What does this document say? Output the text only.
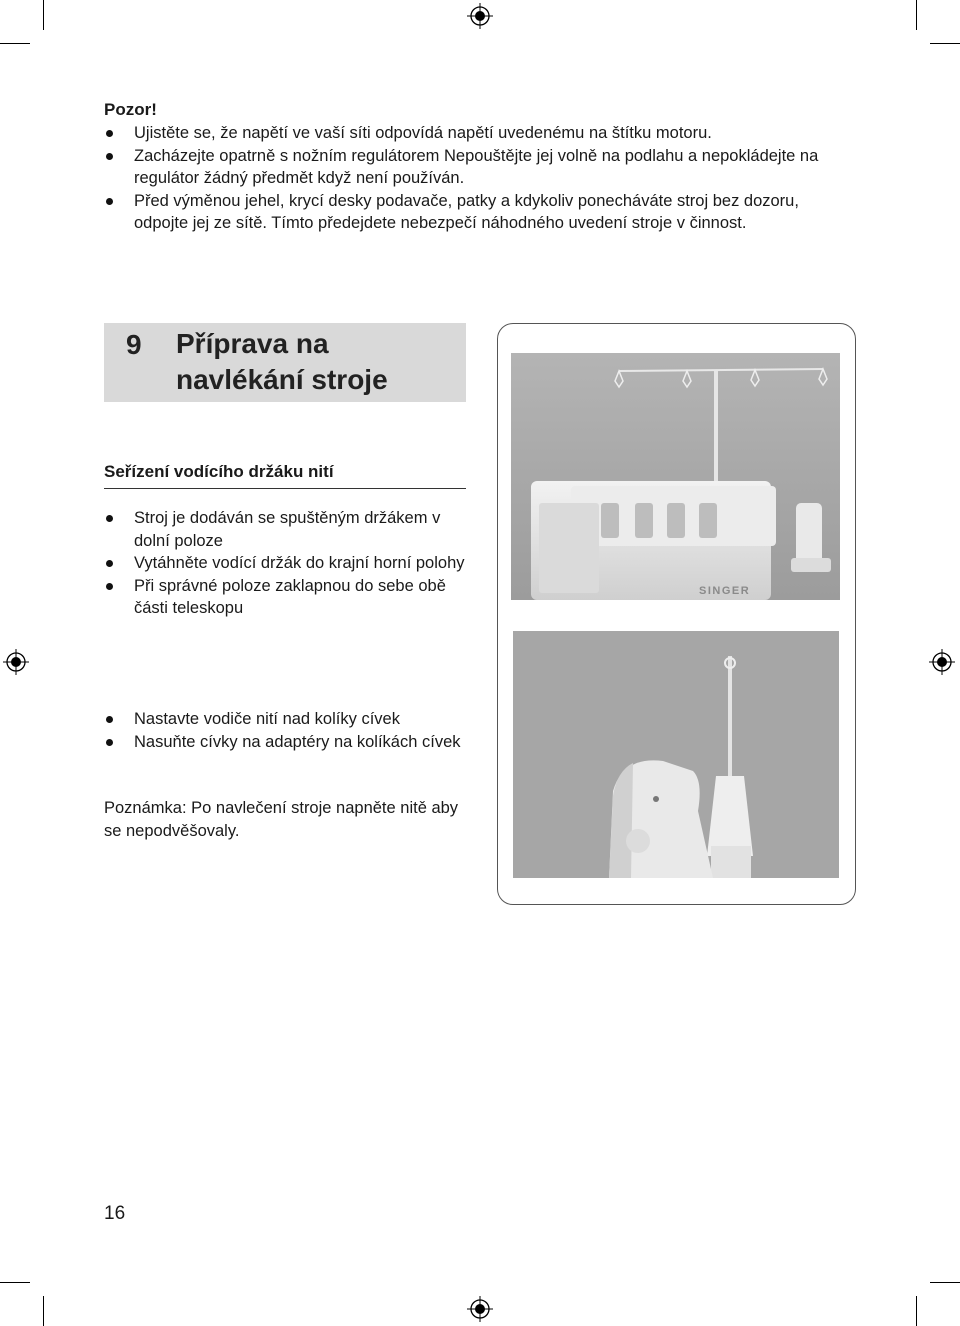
Pozor!
Ujistěte se, že napětí ve vaší síti odpovídá napětí uvedenému na štítku motoru.
Zacházejte opatrně s nožním regulátorem Nepouštějte jej volně na podlahu a nepokládejte na regulátor žádný předmět když není používán.
Před výměnou jehel, krycí desky podavače, patky a kdykoliv ponecháváte stroj bez dozoru, odpojte jej ze sítě. Tímto předejdete nebezpečí náhodného uvedení stroje v činnost.
9	Příprava na
navlékání stroje
Seřízení vodícího držáku nití
Stroj je dodáván se spuštěným držákem v dolní poloze
Vytáhněte vodící držák do krajní horní polohy
Při správné poloze zaklapnou do sebe obě části teleskopu
Nastavte vodiče nití nad kolíky cívek
Nasuňte cívky na adaptéry na kolíkách cívek
Poznámka: Po navlečení stroje napněte nitě aby se nepodvěšovaly.
SINGER
16
